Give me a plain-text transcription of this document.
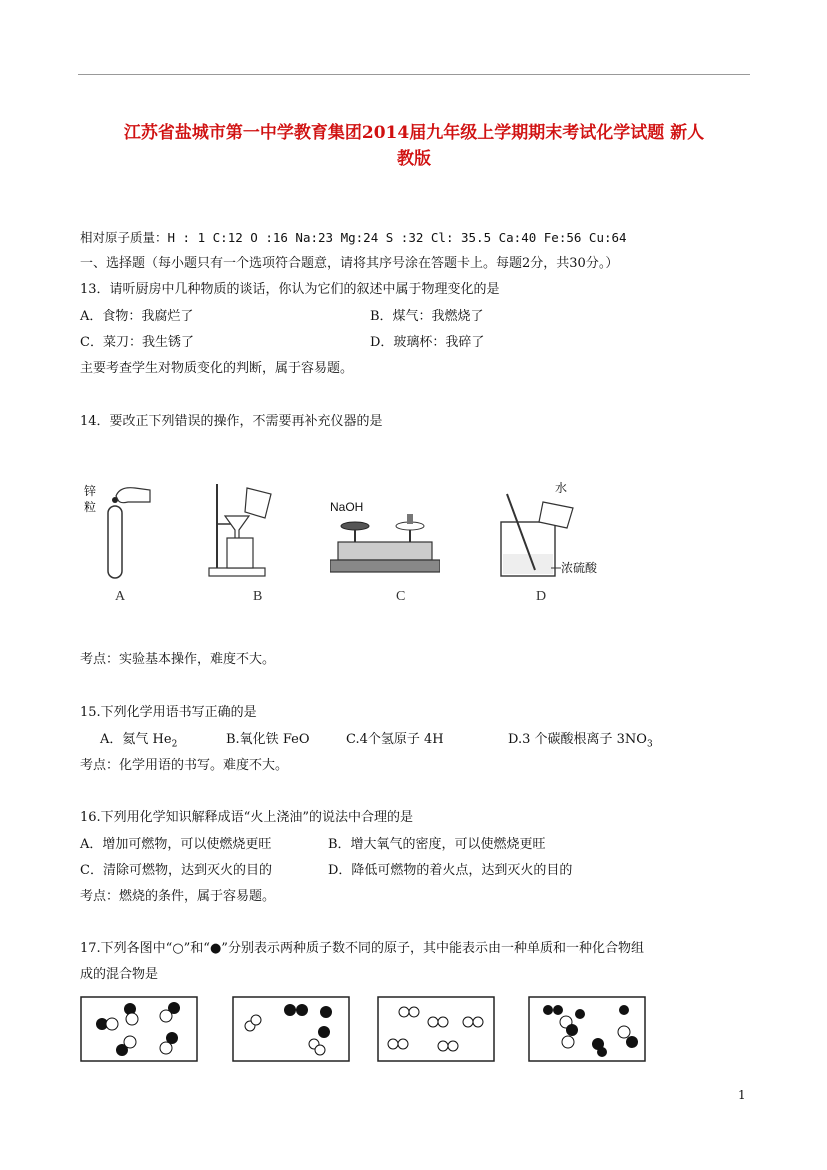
江苏省盐城市第一中学教育集团2014届九年级上学期期末考试化学试题 新人
教版
相对原子质量：H : 1 C:12 O :16 Na:23 Mg:24 S :32 Cl: 35.5 Ca:40 Fe:56 Cu:64
一、选择题（每小题只有一个选项符合题意，请将其序号涂在答题卡上。每题2分，共30分。）
13．请听厨房中几种物质的谈话，你认为它们的叙述中属于物理变化的是
A．食物：我腐烂了	B．煤气：我燃烧了
C．菜刀：我生锈了	D．玻璃杯：我碎了
主要考查学生对物质变化的判断，属于容易题。
14．要改正下列错误的操作，不需要再补充仪器的是
锌
粒
A	B
NaOH
C
水
浓硫酸
D
考点：实验基本操作，难度不大。
15.下列化学用语书写正确的是
A．氦气 $He_2$	B.氧化铁 FeO	C.4个氢原子 4H	D.3 个碳酸根离子 $3NO_3$
考点：化学用语的书写。难度不大。
16.下列用化学知识解释成语“火上浇油”的说法中合理的是
A．增加可燃物，可以使燃烧更旺	B．增大氧气的密度，可以使燃烧更旺
C．清除可燃物，达到灭火的目的	D．降低可燃物的着火点，达到灭火的目的
考点：燃烧的条件，属于容易题。
17.下列各图中“○”和“●”分别表示两种质子数不同的原子，其中能表示由一种单质和一种化合物组
成的混合物是
1
